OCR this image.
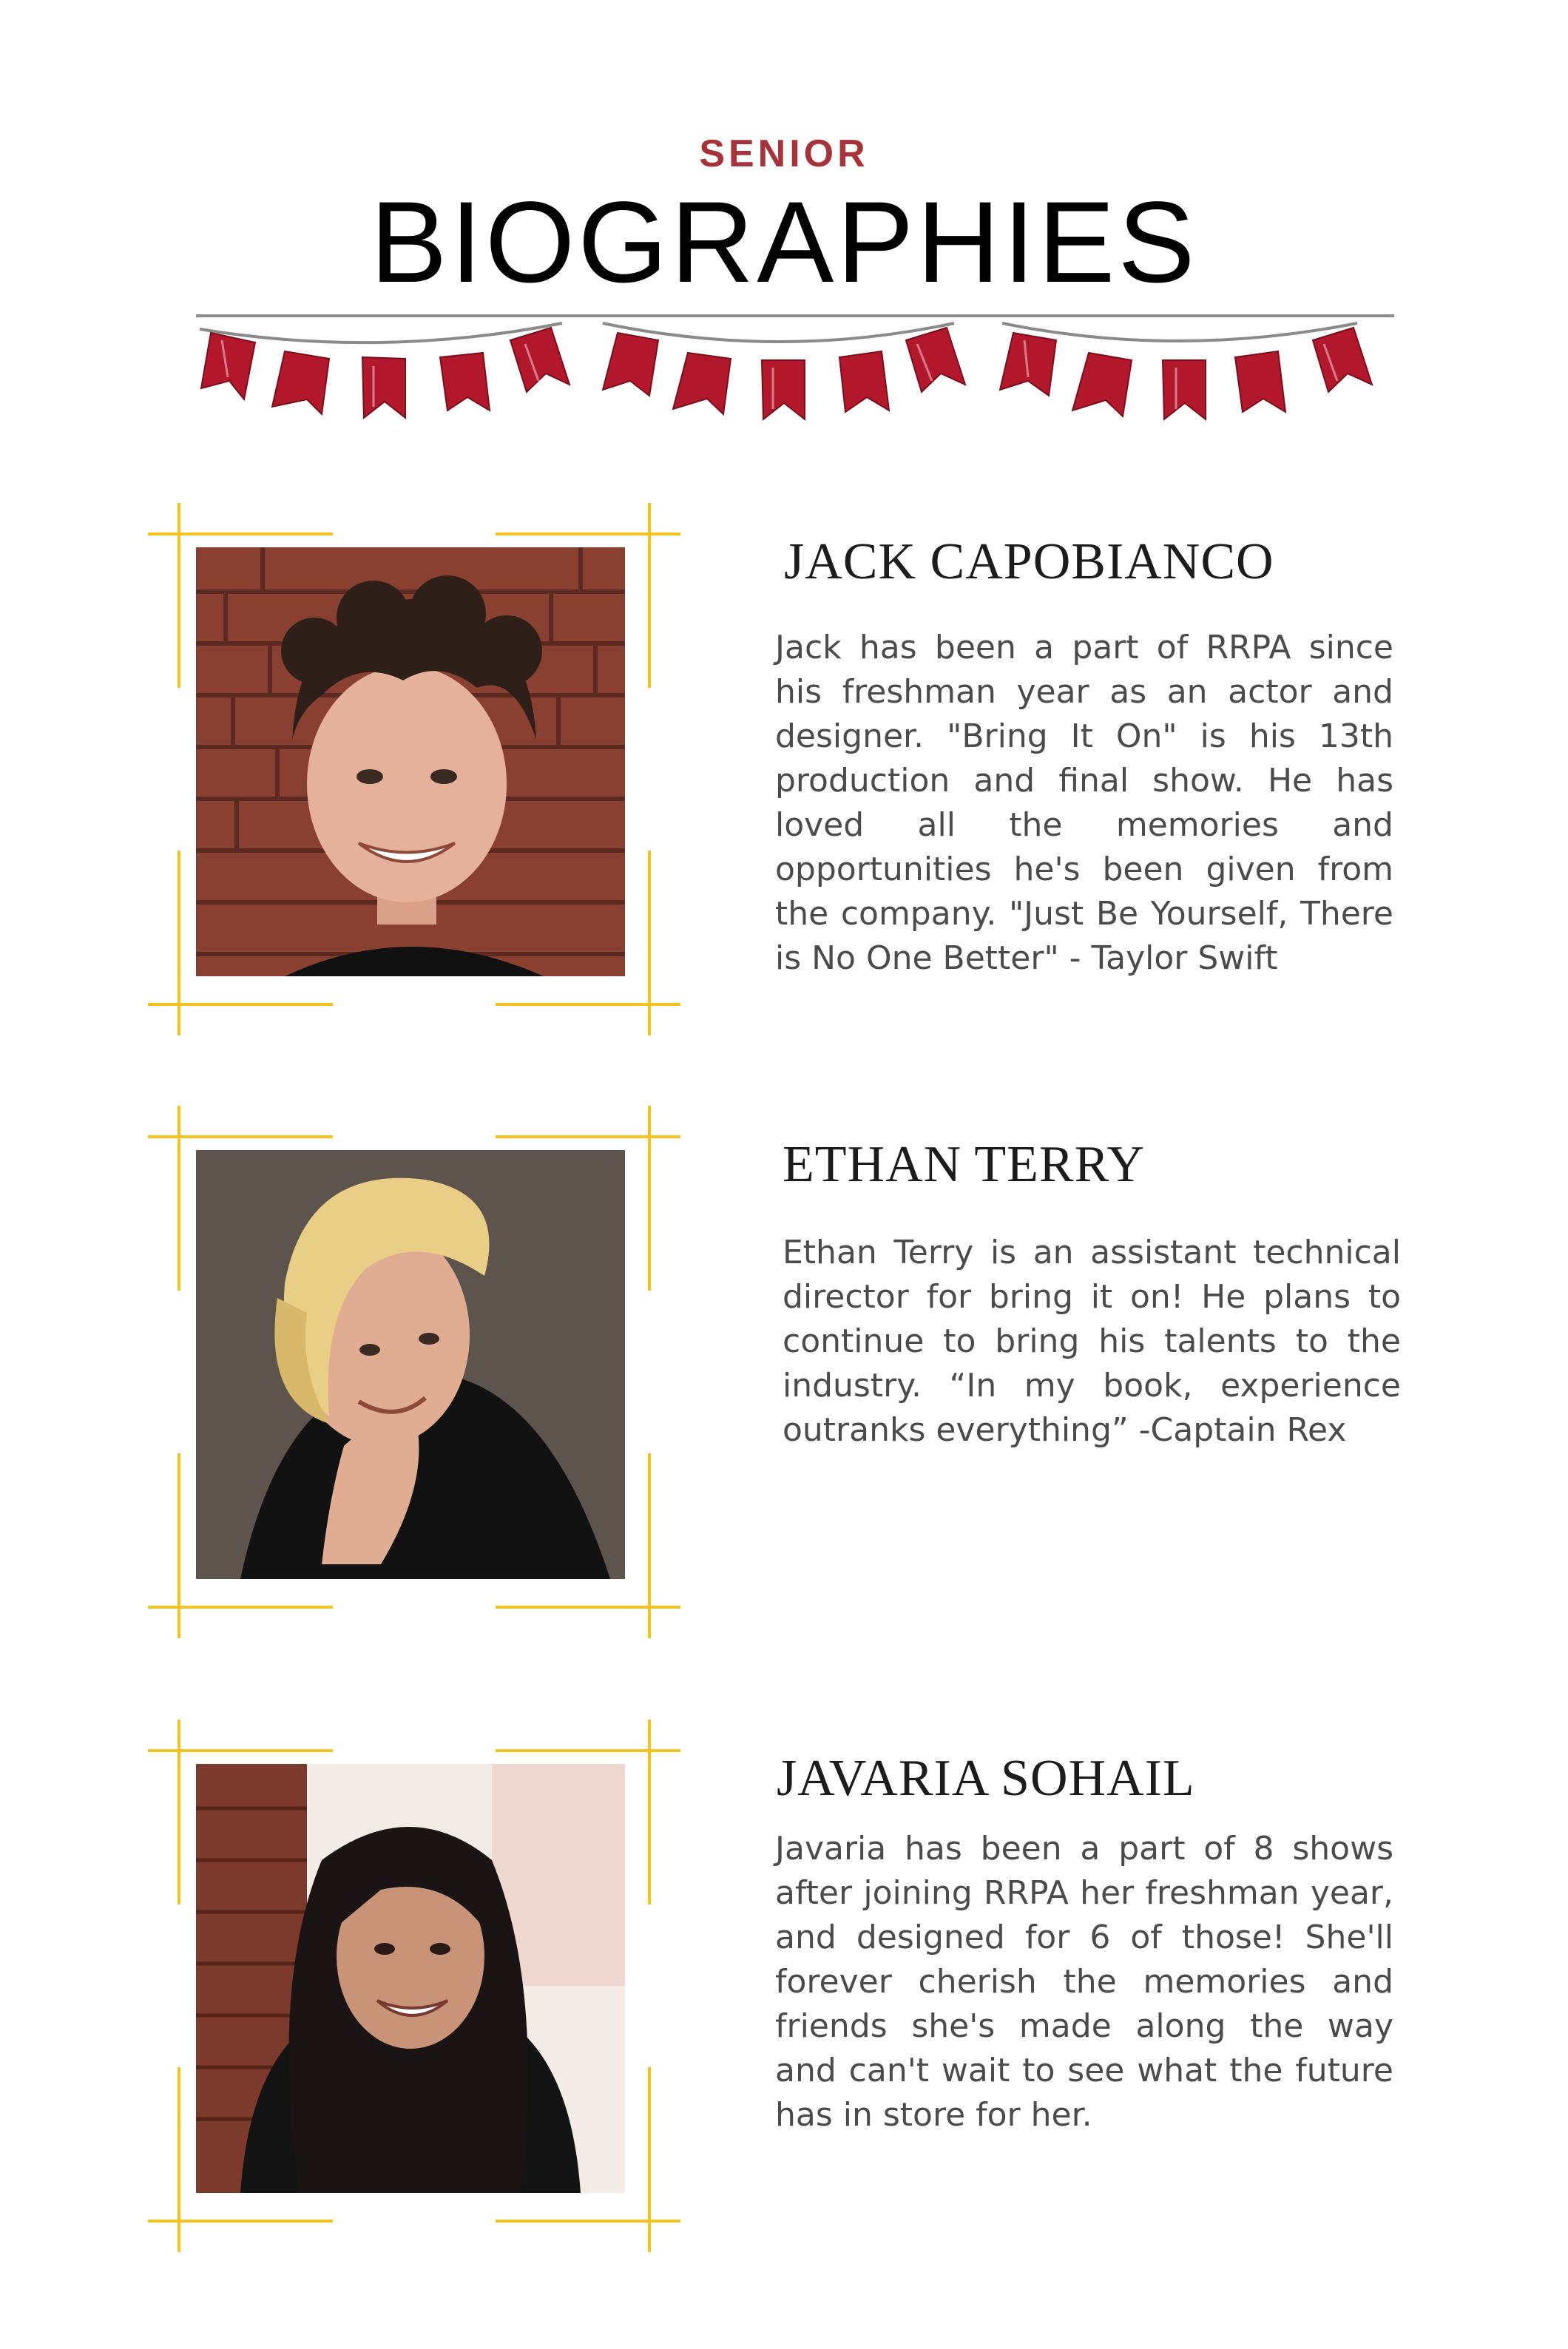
SENIOR
BIOGRAPHIES
JACK CAPOBIANCO
Jack has been a part of RRPA since his freshman year as an actor and designer. "Bring It On" is his 13th production and final show. He has loved all the memories and opportunities he's been given from the company. "Just Be Yourself, There is No One Better" - Taylor Swift
ETHAN TERRY
Ethan Terry is an assistant technical director for bring it on! He plans to continue to bring his talents to the industry. “In my book, experience outranks everything” -Captain Rex
JAVARIA SOHAIL
Javaria has been a part of 8 shows after joining RRPA her freshman year, and designed for 6 of those! She'll forever cherish the memories and friends she's made along the way and can't wait to see what the future has in store for her.
